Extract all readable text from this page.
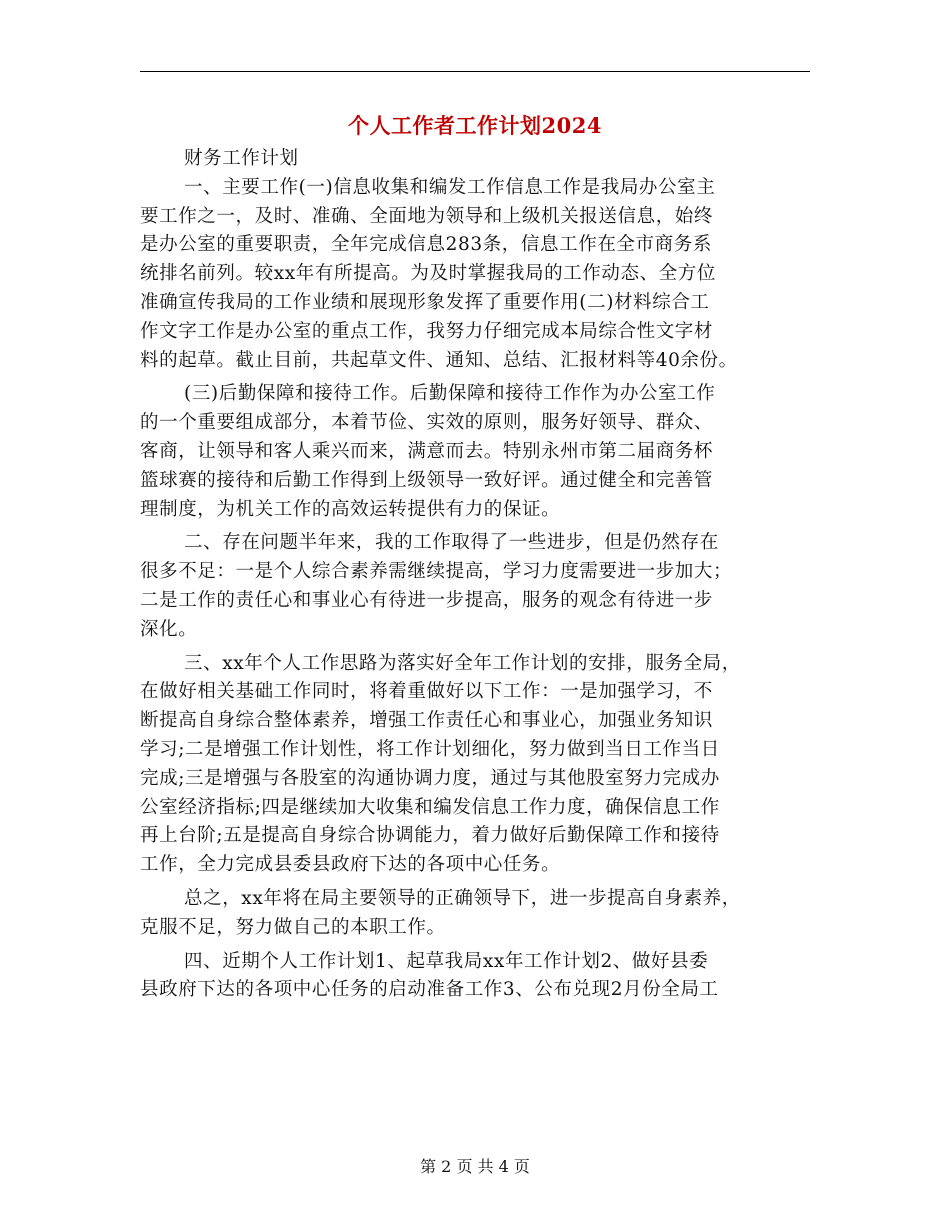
个人工作者工作计划2024
财务工作计划
一、主要工作(一)信息收集和编发工作信息工作是我局办公室主
要工作之一，及时、准确、全面地为领导和上级机关报送信息，始终
是办公室的重要职责，全年完成信息283条，信息工作在全市商务系
统排名前列。较xx年有所提高。为及时掌握我局的工作动态、全方位
准确宣传我局的工作业绩和展现形象发挥了重要作用(二)材料综合工
作文字工作是办公室的重点工作，我努力仔细完成本局综合性文字材
料的起草。截止目前，共起草文件、通知、总结、汇报材料等40余份。
(三)后勤保障和接待工作。后勤保障和接待工作作为办公室工作
的一个重要组成部分，本着节俭、实效的原则，服务好领导、群众、
客商，让领导和客人乘兴而来，满意而去。特别永州市第二届商务杯
篮球赛的接待和后勤工作得到上级领导一致好评。通过健全和完善管
理制度，为机关工作的高效运转提供有力的保证。
二、存在问题半年来，我的工作取得了一些进步，但是仍然存在
很多不足：一是个人综合素养需继续提高，学习力度需要进一步加大；
二是工作的责任心和事业心有待进一步提高，服务的观念有待进一步
深化。
三、xx年个人工作思路为落实好全年工作计划的安排，服务全局，
在做好相关基础工作同时，将着重做好以下工作：一是加强学习，不
断提高自身综合整体素养，增强工作责任心和事业心，加强业务知识
学习;二是增强工作计划性，将工作计划细化，努力做到当日工作当日
完成;三是增强与各股室的沟通协调力度，通过与其他股室努力完成办
公室经济指标;四是继续加大收集和编发信息工作力度，确保信息工作
再上台阶;五是提高自身综合协调能力，着力做好后勤保障工作和接待
工作，全力完成县委县政府下达的各项中心任务。
总之，xx年将在局主要领导的正确领导下，进一步提高自身素养，
克服不足，努力做自己的本职工作。
四、近期个人工作计划1、起草我局xx年工作计划2、做好县委
县政府下达的各项中心任务的启动准备工作3、公布兑现2月份全局工
第 2 页 共 4 页
